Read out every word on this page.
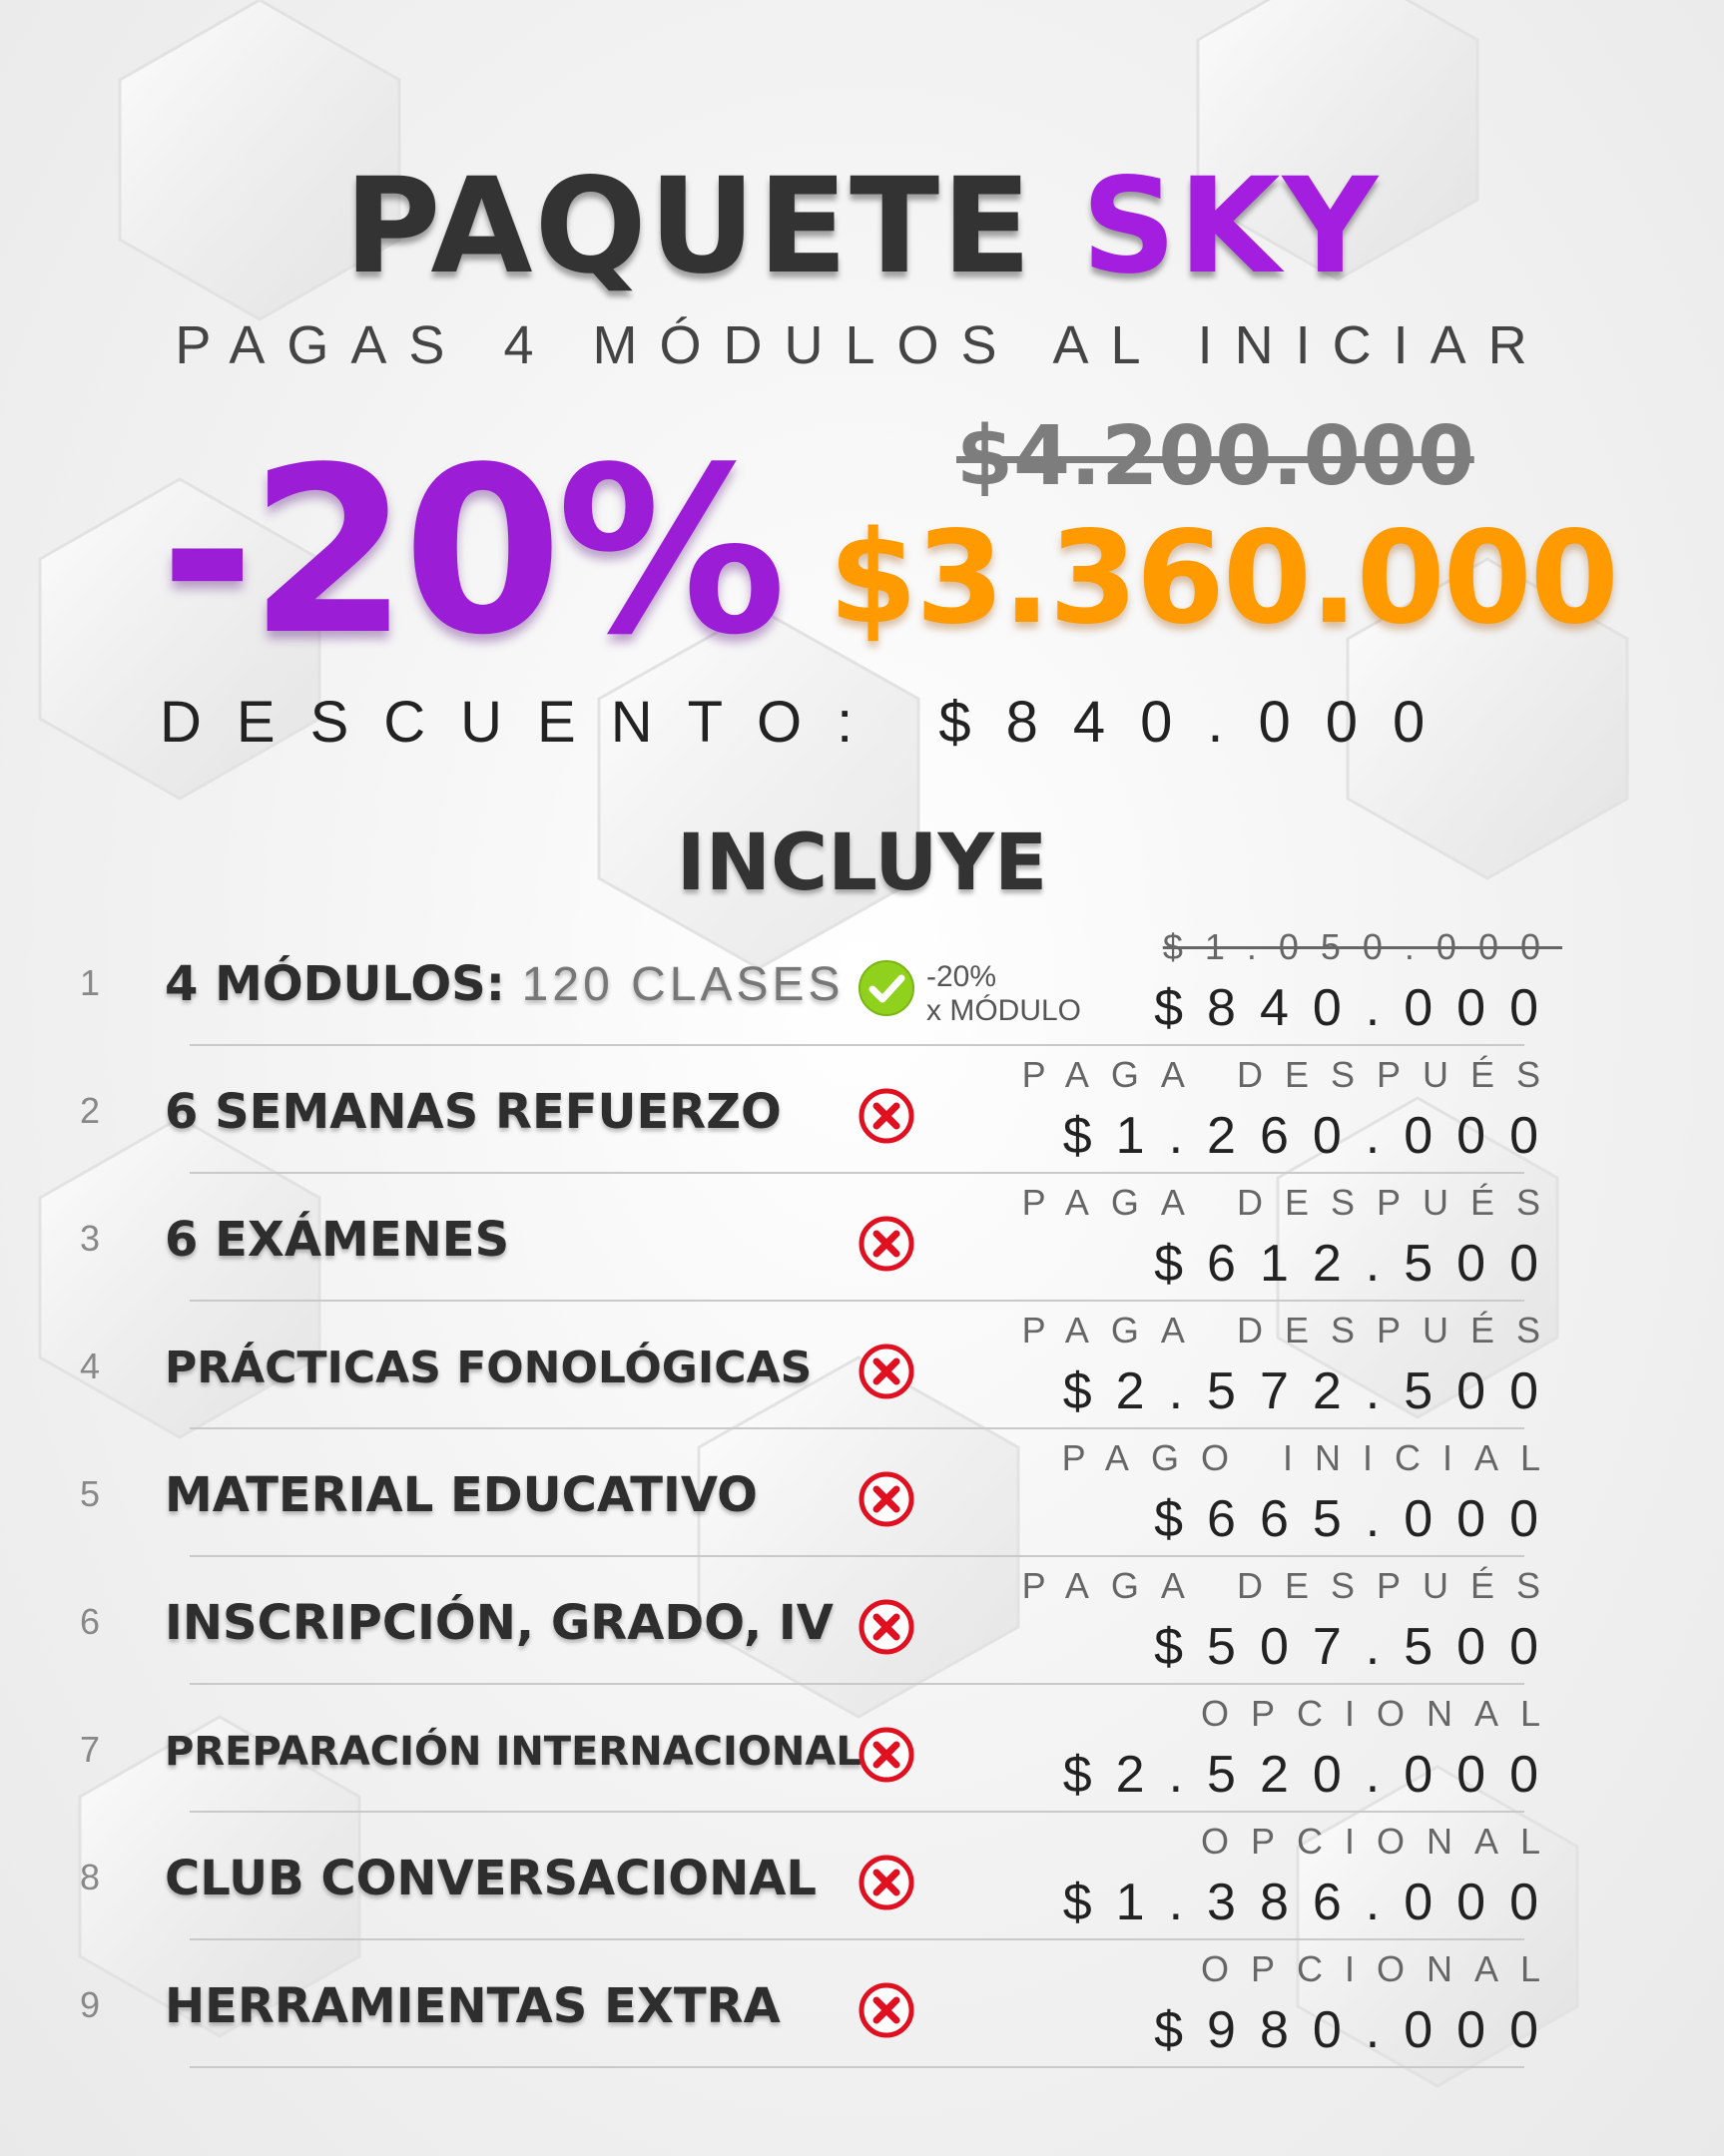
PAQUETE SKY
PAGAS 4 MÓDULOS AL INICIAR
-20% $4.200.000
$3.360.000
DESCUENTO: $840.000
INCLUYE
1 4 MÓDULOS: 120 CLASES	-20%
x MÓDULO
$1.050.000
$840.000
2 6 SEMANAS REFUERZO
PAGA DESPUÉS
$1.260.000
3 6 EXÁMENES
PAGA DESPUÉS
$612.500
4 PRÁCTICAS FONOLÓGICAS
PAGA DESPUÉS
$2.572.500
5 MATERIAL EDUCATIVO
PAGO INICIAL
$665.000
6 INSCRIPCIÓN, GRADO, IV
PAGA DESPUÉS
$507.500
7 PREPARACIÓN INTERNACIONAL
OPCIONAL
$2.520.000
8 CLUB CONVERSACIONAL
OPCIONAL
$1.386.000
9 HERRAMIENTAS EXTRA
OPCIONAL
$980.000
